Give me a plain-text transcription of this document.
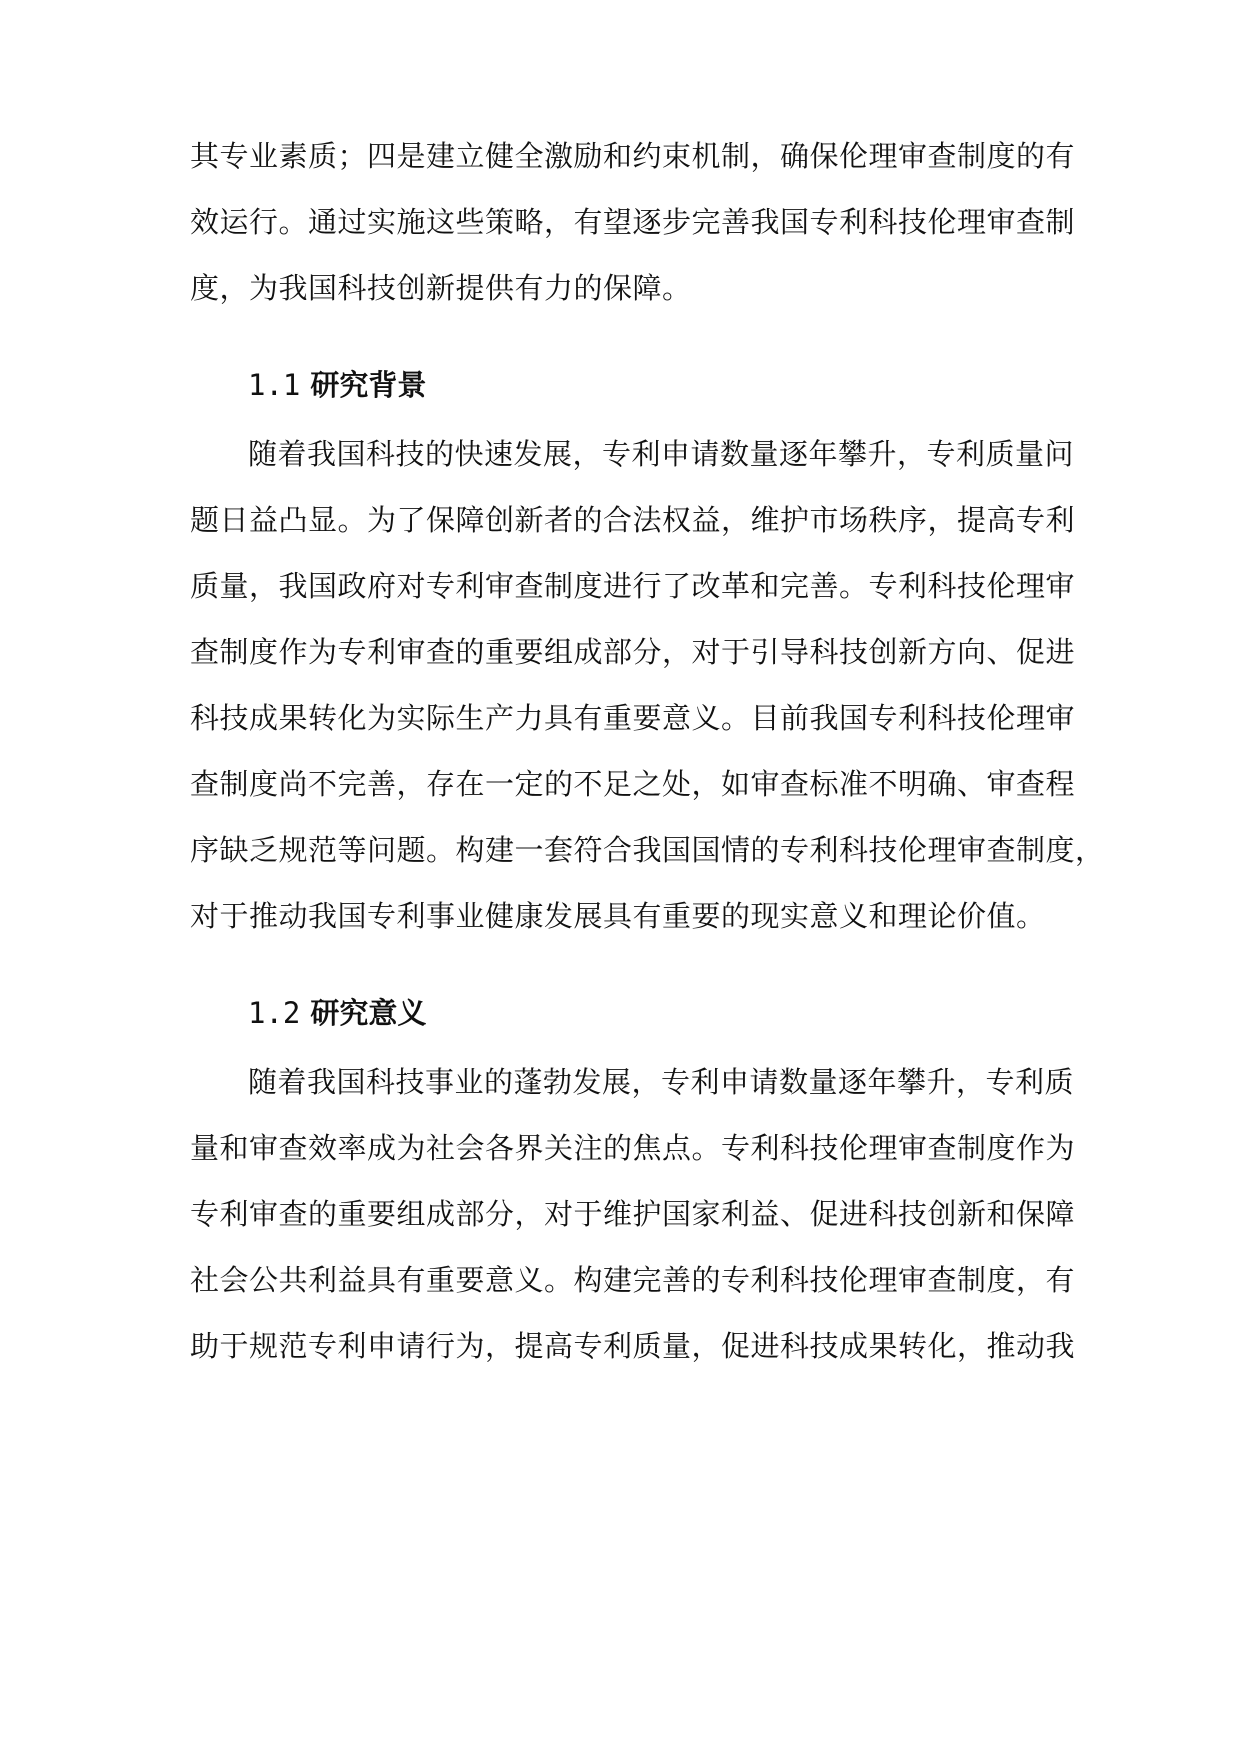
其专业素质；四是建立健全激励和约束机制，确保伦理审查制度的有
效运行。通过实施这些策略，有望逐步完善我国专利科技伦理审查制
度，为我国科技创新提供有力的保障。
1.1 研究背景
随着我国科技的快速发展，专利申请数量逐年攀升，专利质量问
题日益凸显。为了保障创新者的合法权益，维护市场秩序，提高专利
质量，我国政府对专利审查制度进行了改革和完善。专利科技伦理审
查制度作为专利审查的重要组成部分，对于引导科技创新方向、促进
科技成果转化为实际生产力具有重要意义。目前我国专利科技伦理审
查制度尚不完善，存在一定的不足之处，如审查标准不明确、审查程
序缺乏规范等问题。构建一套符合我国国情的专利科技伦理审查制度，
对于推动我国专利事业健康发展具有重要的现实意义和理论价值。
1.2 研究意义
随着我国科技事业的蓬勃发展，专利申请数量逐年攀升，专利质
量和审查效率成为社会各界关注的焦点。专利科技伦理审查制度作为
专利审查的重要组成部分，对于维护国家利益、促进科技创新和保障
社会公共利益具有重要意义。构建完善的专利科技伦理审查制度，有
助于规范专利申请行为，提高专利质量，促进科技成果转化，推动我
